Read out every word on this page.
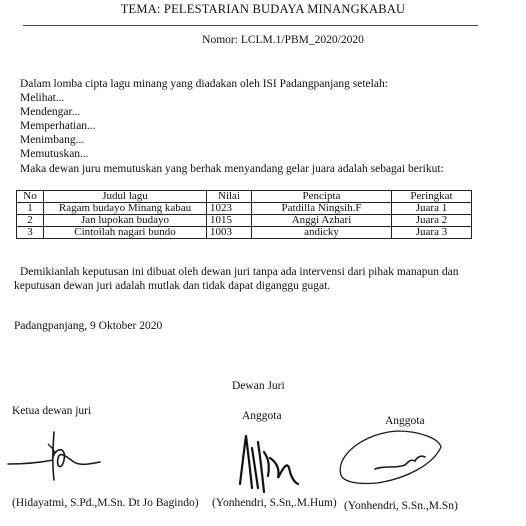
TEMA: PELESTARIAN BUDAYA MINANGKABAU
Nomor: LCLM.1/PBM_2020/2020
Dalam lomba cipta lagu minang yang diadakan oleh ISI Padangpanjang setelah:
Melihat...
Mendengar...
Memperhatian...
Menimbang...
Memutuskan...
Maka dewan juru memutuskan yang berhak menyandang gelar juara adalah sebagai berikut:
No	Judul lagu	Nilai	Pencipta	Peringkat
1	Ragam budayo Minang kabau	1023	Patdilla Ningsih.F	Juara 1
2	Jan lupokan budayo	1015	Anggi Azhari	Juara 2
3	Cintoilah nagari bundo	1003	andicky	Juara 3
Demikianlah keputusan ini dibuat oleh dewan juri tanpa ada intervensi dari pihak manapun dan
keputusan dewan juri adalah mutlak dan tidak dapat diganggu gugat.
Padangpanjang, 9 Oktober 2020
Dewan Juri
Ketua dewan juri	Anggota	Anggota
(Hidayatmi, S.Pd.,M.Sn. Dt Jo Bagindo) (Yonhendri, S.Sn,.M.Hum) (Yonhendri, S.Sn.,M.Sn)
